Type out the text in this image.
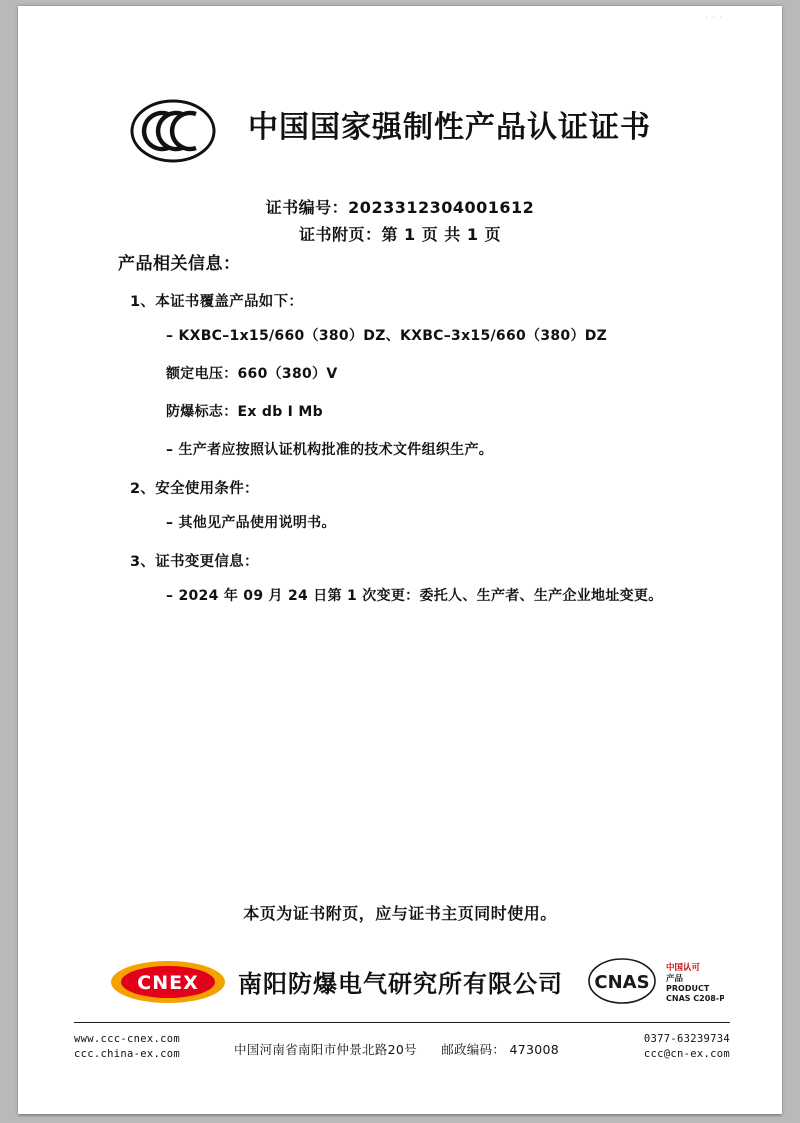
···
中国国家强制性产品认证证书
证书编号：2023312304001612
证书附页：第 1 页 共 1 页
产品相关信息：
1、本证书覆盖产品如下：
– KXBC–1x15/660（380）DZ、KXBC–3x15/660（380）DZ
额定电压：660（380）V
防爆标志：Ex db I Mb
– 生产者应按照认证机构批准的技术文件组织生产。
2、安全使用条件：
– 其他见产品使用说明书。
3、证书变更信息：
– 2024 年 09 月 24 日第 1 次变更：委托人、生产者、生产企业地址变更。
本页为证书附页，应与证书主页同时使用。
CNEX 南阳防爆电气研究所有限公司 CNAS
中国认可
产品
PRODUCT
CNAS C208-P
www.ccc-cnex.com
ccc.china-ex.com	中国河南省南阳市仲景北路20号 邮政编码： 473008
0377-63239734
ccc@cn-ex.com
